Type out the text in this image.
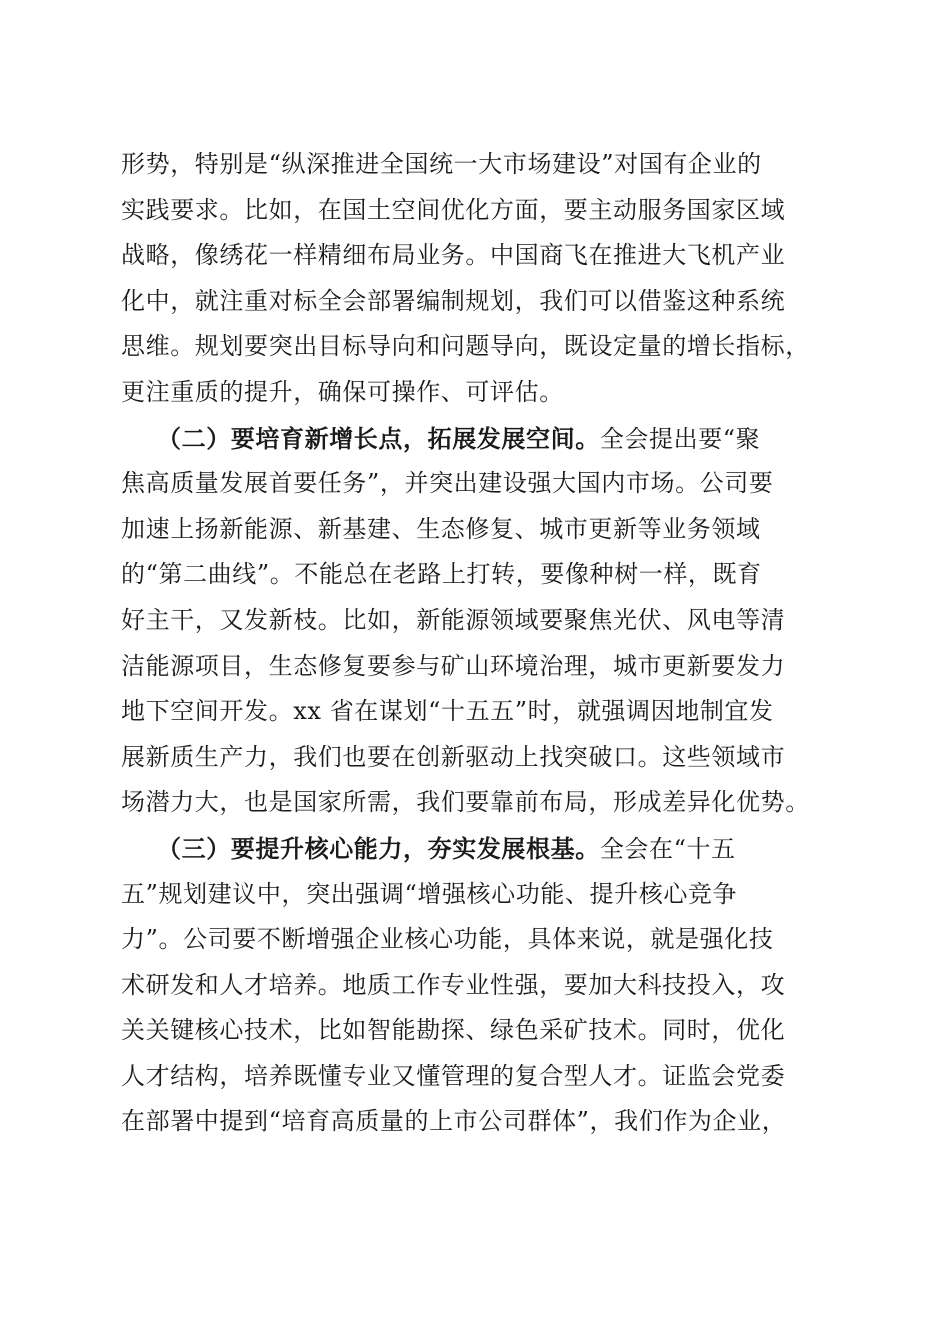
形势，特别是“纵深推进全国统一大市场建设”对国有企业的
实践要求。比如，在国土空间优化方面，要主动服务国家区域
战略，像绣花一样精细布局业务。中国商飞在推进大飞机产业
化中，就注重对标全会部署编制规划，我们可以借鉴这种系统
思维。规划要突出目标导向和问题导向，既设定量的增长指标，
更注重质的提升，确保可操作、可评估。
（二）要培育新增长点，拓展发展空间。全会提出要“聚
焦高质量发展首要任务”，并突出建设强大国内市场。公司要
加速上扬新能源、新基建、生态修复、城市更新等业务领域
的“第二曲线”。不能总在老路上打转，要像种树一样，既育
好主干，又发新枝。比如，新能源领域要聚焦光伏、风电等清
洁能源项目，生态修复要参与矿山环境治理，城市更新要发力
地下空间开发。xx 省在谋划“十五五”时，就强调因地制宜发
展新质生产力，我们也要在创新驱动上找突破口。这些领域市
场潜力大，也是国家所需，我们要靠前布局，形成差异化优势。
（三）要提升核心能力，夯实发展根基。全会在“十五
五”规划建议中，突出强调“增强核心功能、提升核心竞争
力”。公司要不断增强企业核心功能，具体来说，就是强化技
术研发和人才培养。地质工作专业性强，要加大科技投入，攻
关关键核心技术，比如智能勘探、绿色采矿技术。同时，优化
人才结构，培养既懂专业又懂管理的复合型人才。证监会党委
在部署中提到“培育高质量的上市公司群体”，我们作为企业，
